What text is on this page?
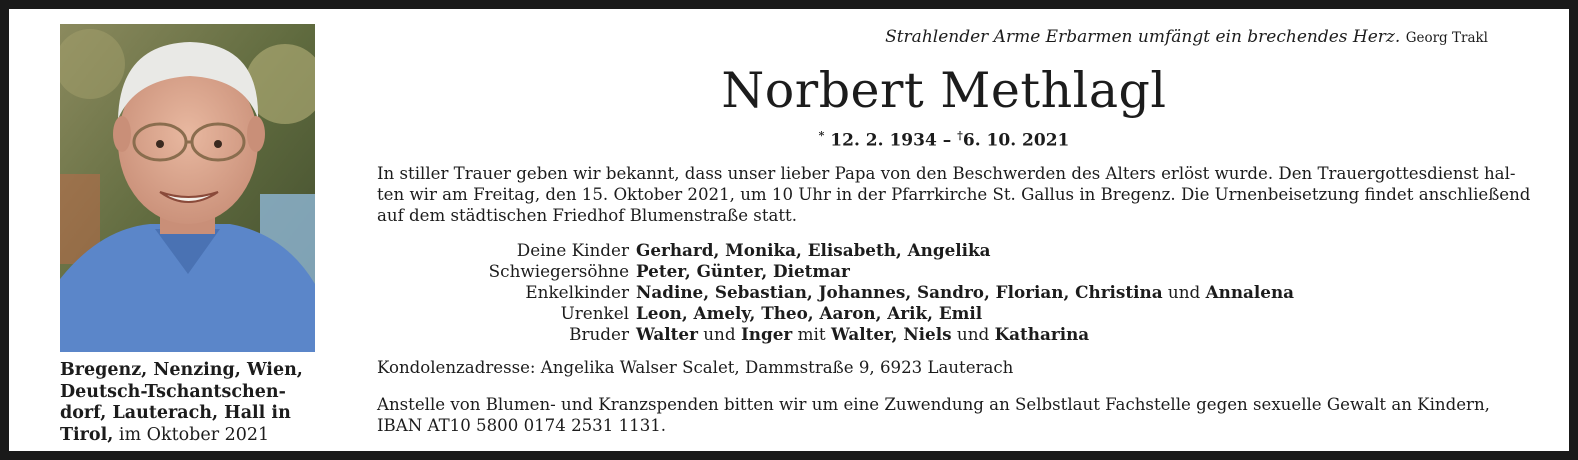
Bregenz, Nenzing, Wien,
Deutsch-Tschantschen-
dorf, Lauterach, Hall in
Tirol, im Oktober 2021
Strahlender Arme Erbarmen umfängt ein brechendes Herz. Georg Trakl
Norbert Methlagl
* 12. 2. 1934 – †6. 10. 2021
In stiller Trauer geben wir bekannt, dass unser lieber Papa von den Beschwerden des Alters erlöst wurde. Den Trauergottesdienst hal-
ten wir am Freitag, den 15. Oktober 2021, um 10 Uhr in der Pfarrkirche St. Gallus in Bregenz. Die Urnenbeisetzung findet anschließend
auf dem städtischen Friedhof Blumenstraße statt.
Deine Kinder Gerhard, Monika, Elisabeth, Angelika
Schwiegersöhne Peter, Günter, Dietmar
Enkelkinder Nadine, Sebastian, Johannes, Sandro, Florian, Christina und Annalena
Urenkel Leon, Amely, Theo, Aaron, Arik, Emil
Bruder Walter und Inger mit Walter, Niels und Katharina
Kondolenzadresse: Angelika Walser Scalet, Dammstraße 9, 6923 Lauterach
Anstelle von Blumen- und Kranzspenden bitten wir um eine Zuwendung an Selbstlaut Fachstelle gegen sexuelle Gewalt an Kindern,
IBAN AT10 5800 0174 2531 1131.
